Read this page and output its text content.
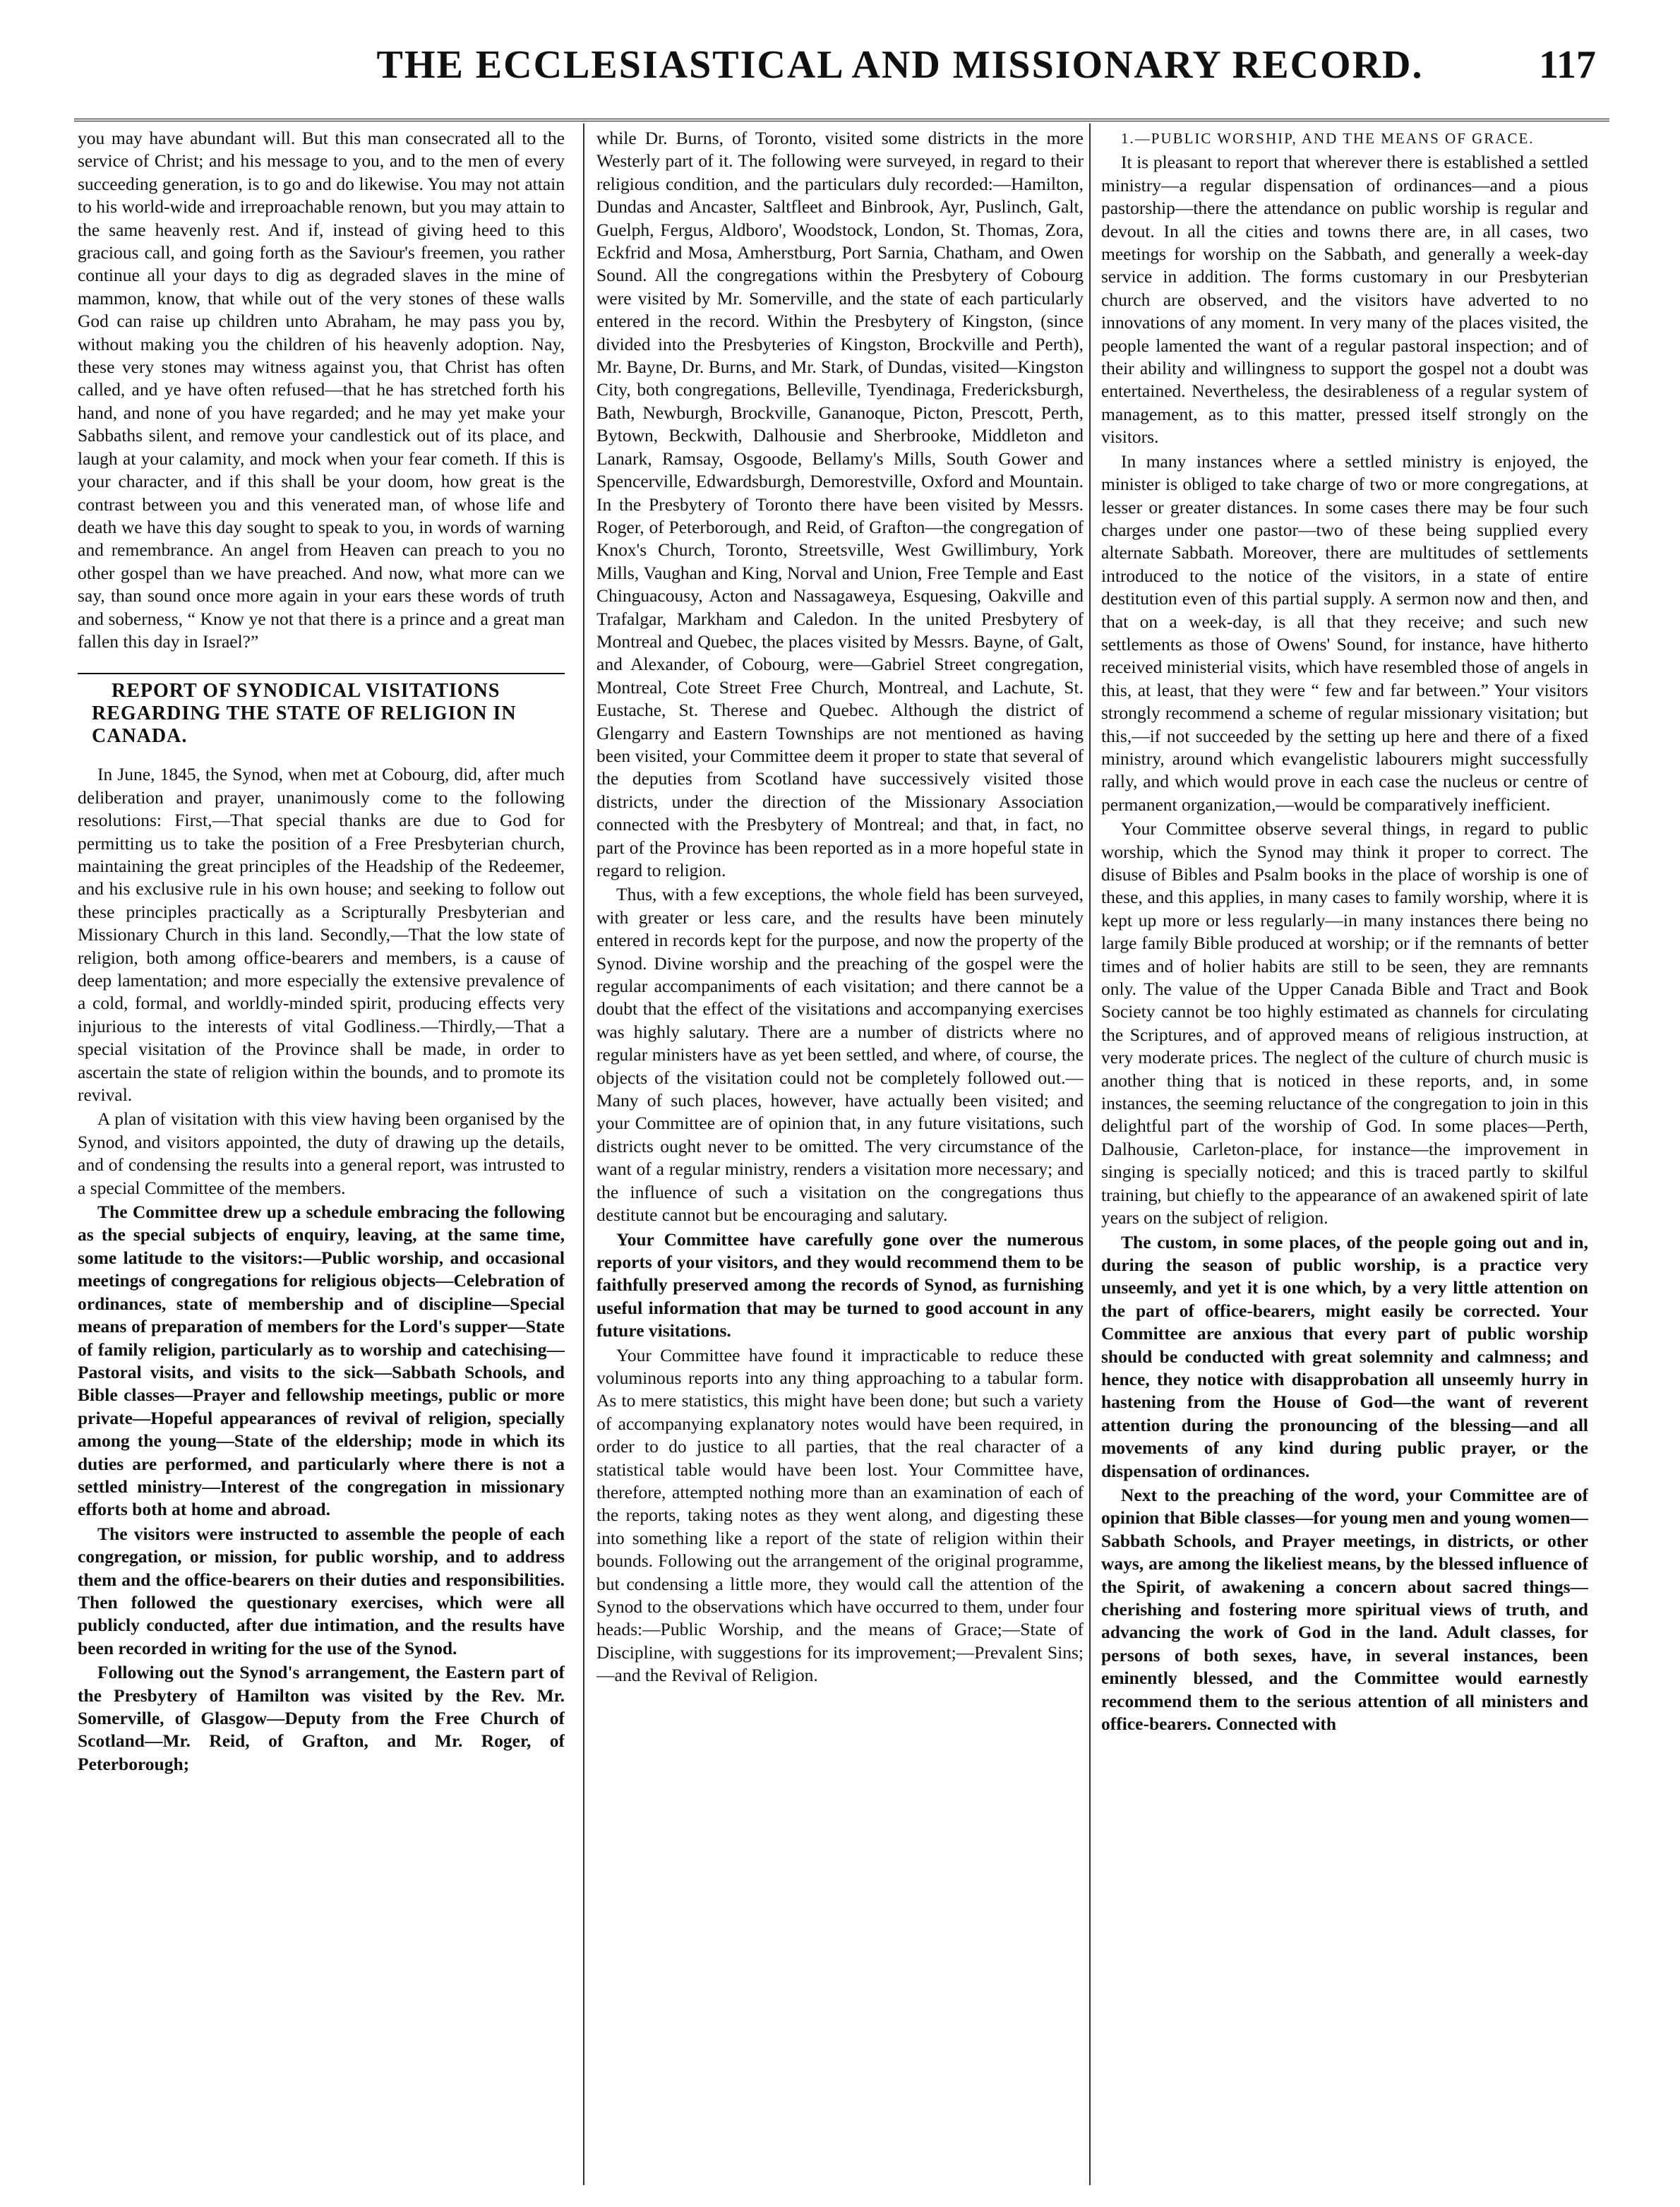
THE ECCLESIASTICAL AND MISSIONARY RECORD.	117

you may have abundant will. But this man consecrated all to the service of Christ; and his message to you, and to the men of every succeeding generation, is to go and do likewise. You may not attain to his world-wide and irreproachable renown, but you may attain to the same heavenly rest. And if, instead of giving heed to this gracious call, and going forth as the Saviour's freemen, you rather continue all your days to dig as degraded slaves in the mine of mammon, know, that while out of the very stones of these walls God can raise up children unto Abraham, he may pass you by, without making you the children of his heavenly adoption. Nay, these very stones may witness against you, that Christ has often called, and ye have often refused—that he has stretched forth his hand, and none of you have regarded; and he may yet make your Sabbaths silent, and remove your candlestick out of its place, and laugh at your calamity, and mock when your fear cometh. If this is your character, and if this shall be your doom, how great is the contrast between you and this venerated man, of whose life and death we have this day sought to speak to you, in words of warning and remembrance. An angel from Heaven can preach to you no other gospel than we have preached. And now, what more can we say, than sound once more again in your ears these words of truth and soberness, “ Know ye not that there is a prince and a great man fallen this day in Israel?”

REPORT OF SYNODICAL VISITATIONS REGARDING THE STATE OF RELIGION IN CANADA.

In June, 1845, the Synod, when met at Cobourg, did, after much deliberation and prayer, unanimously come to the following resolutions: First,—That special thanks are due to God for permitting us to take the position of a Free Presbyterian church, maintaining the great principles of the Headship of the Redeemer, and his exclusive rule in his own house; and seeking to follow out these principles practically as a Scripturally Presbyterian and Missionary Church in this land. Secondly,—That the low state of religion, both among office-bearers and members, is a cause of deep lamentation; and more especially the extensive prevalence of a cold, formal, and worldly-minded spirit, producing effects very injurious to the interests of vital Godliness.—Thirdly,—That a special visitation of the Province shall be made, in order to ascertain the state of religion within the bounds, and to promote its revival.

A plan of visitation with this view having been organised by the Synod, and visitors appointed, the duty of drawing up the details, and of condensing the results into a general report, was intrusted to a special Committee of the members.

The Committee drew up a schedule embracing the following as the special subjects of enquiry, leaving, at the same time, some latitude to the visitors:—Public worship, and occasional meetings of congregations for religious objects—Celebration of ordinances, state of membership and of discipline—Special means of preparation of members for the Lord's supper—State of family religion, particularly as to worship and catechising—Pastoral visits, and visits to the sick—Sabbath Schools, and Bible classes—Prayer and fellowship meetings, public or more private—Hopeful appearances of revival of religion, specially among the young—State of the eldership; mode in which its duties are performed, and particularly where there is not a settled ministry—Interest of the congregation in missionary efforts both at home and abroad.

The visitors were instructed to assemble the people of each congregation, or mission, for public worship, and to address them and the office-bearers on their duties and responsibilities. Then followed the questionary exercises, which were all publicly conducted, after due intimation, and the results have been recorded in writing for the use of the Synod.

Following out the Synod's arrangement, the Eastern part of the Presbytery of Hamilton was visited by the Rev. Mr. Somerville, of Glasgow—Deputy from the Free Church of Scotland—Mr. Reid, of Grafton, and Mr. Roger, of Peterborough;

while Dr. Burns, of Toronto, visited some districts in the more Westerly part of it. The following were surveyed, in regard to their religious condition, and the particulars duly recorded:—Hamilton, Dundas and Ancaster, Saltfleet and Binbrook, Ayr, Puslinch, Galt, Guelph, Fergus, Aldboro', Woodstock, London, St. Thomas, Zora, Eckfrid and Mosa, Amherstburg, Port Sarnia, Chatham, and Owen Sound. All the congregations within the Presbytery of Cobourg were visited by Mr. Somerville, and the state of each particularly entered in the record. Within the Presbytery of Kingston, (since divided into the Presbyteries of Kingston, Brockville and Perth), Mr. Bayne, Dr. Burns, and Mr. Stark, of Dundas, visited—Kingston City, both congregations, Belleville, Tyendinaga, Fredericksburgh, Bath, Newburgh, Brockville, Gananoque, Picton, Prescott, Perth, Bytown, Beckwith, Dalhousie and Sherbrooke, Middleton and Lanark, Ramsay, Osgoode, Bellamy's Mills, South Gower and Spencerville, Edwardsburgh, Demorestville, Oxford and Mountain. In the Presbytery of Toronto there have been visited by Messrs. Roger, of Peterborough, and Reid, of Grafton—the congregation of Knox's Church, Toronto, Streetsville, West Gwillimbury, York Mills, Vaughan and King, Norval and Union, Free Temple and East Chinguacousy, Acton and Nassagaweya, Esquesing, Oakville and Trafalgar, Markham and Caledon. In the united Presbytery of Montreal and Quebec, the places visited by Messrs. Bayne, of Galt, and Alexander, of Cobourg, were—Gabriel Street congregation, Montreal, Cote Street Free Church, Montreal, and Lachute, St. Eustache, St. Therese and Quebec. Although the district of Glengarry and Eastern Townships are not mentioned as having been visited, your Committee deem it proper to state that several of the deputies from Scotland have successively visited those districts, under the direction of the Missionary Association connected with the Presbytery of Montreal; and that, in fact, no part of the Province has been reported as in a more hopeful state in regard to religion.

Thus, with a few exceptions, the whole field has been surveyed, with greater or less care, and the results have been minutely entered in records kept for the purpose, and now the property of the Synod. Divine worship and the preaching of the gospel were the regular accompaniments of each visitation; and there cannot be a doubt that the effect of the visitations and accompanying exercises was highly salutary. There are a number of districts where no regular ministers have as yet been settled, and where, of course, the objects of the visitation could not be completely followed out.—Many of such places, however, have actually been visited; and your Committee are of opinion that, in any future visitations, such districts ought never to be omitted. The very circumstance of the want of a regular ministry, renders a visitation more necessary; and the influence of such a visitation on the congregations thus destitute cannot but be encouraging and salutary.

Your Committee have carefully gone over the numerous reports of your visitors, and they would recommend them to be faithfully preserved among the records of Synod, as furnishing useful information that may be turned to good account in any future visitations.

Your Committee have found it impracticable to reduce these voluminous reports into any thing approaching to a tabular form. As to mere statistics, this might have been done; but such a variety of accompanying explanatory notes would have been required, in order to do justice to all parties, that the real character of a statistical table would have been lost. Your Committee have, therefore, attempted nothing more than an examination of each of the reports, taking notes as they went along, and digesting these into something like a report of the state of religion within their bounds. Following out the arrangement of the original programme, but condensing a little more, they would call the attention of the Synod to the observations which have occurred to them, under four heads:—Public Worship, and the means of Grace;—State of Discipline, with suggestions for its improvement;—Prevalent Sins;—and the Revival of Religion.

1.—PUBLIC WORSHIP, AND THE MEANS OF GRACE.

It is pleasant to report that wherever there is established a settled ministry—a regular dispensation of ordinances—and a pious pastorship—there the attendance on public worship is regular and devout. In all the cities and towns there are, in all cases, two meetings for worship on the Sabbath, and generally a week-day service in addition. The forms customary in our Presbyterian church are observed, and the visitors have adverted to no innovations of any moment. In very many of the places visited, the people lamented the want of a regular pastoral inspection; and of their ability and willingness to support the gospel not a doubt was entertained. Nevertheless, the desirableness of a regular system of management, as to this matter, pressed itself strongly on the visitors.

In many instances where a settled ministry is enjoyed, the minister is obliged to take charge of two or more congregations, at lesser or greater distances. In some cases there may be four such charges under one pastor—two of these being supplied every alternate Sabbath. Moreover, there are multitudes of settlements introduced to the notice of the visitors, in a state of entire destitution even of this partial supply. A sermon now and then, and that on a week-day, is all that they receive; and such new settlements as those of Owens' Sound, for instance, have hitherto received ministerial visits, which have resembled those of angels in this, at least, that they were “ few and far between.” Your visitors strongly recommend a scheme of regular missionary visitation; but this,—if not succeeded by the setting up here and there of a fixed ministry, around which evangelistic labourers might successfully rally, and which would prove in each case the nucleus or centre of permanent organization,—would be comparatively inefficient.

Your Committee observe several things, in regard to public worship, which the Synod may think it proper to correct. The disuse of Bibles and Psalm books in the place of worship is one of these, and this applies, in many cases to family worship, where it is kept up more or less regularly—in many instances there being no large family Bible produced at worship; or if the remnants of better times and of holier habits are still to be seen, they are remnants only. The value of the Upper Canada Bible and Tract and Book Society cannot be too highly estimated as channels for circulating the Scriptures, and of approved means of religious instruction, at very moderate prices. The neglect of the culture of church music is another thing that is noticed in these reports, and, in some instances, the seeming reluctance of the congregation to join in this delightful part of the worship of God. In some places—Perth, Dalhousie, Carleton-place, for instance—the improvement in singing is specially noticed; and this is traced partly to skilful training, but chiefly to the appearance of an awakened spirit of late years on the subject of religion.

The custom, in some places, of the people going out and in, during the season of public worship, is a practice very unseemly, and yet it is one which, by a very little attention on the part of office-bearers, might easily be corrected. Your Committee are anxious that every part of public worship should be conducted with great solemnity and calmness; and hence, they notice with disapprobation all unseemly hurry in hastening from the House of God—the want of reverent attention during the pronouncing of the blessing—and all movements of any kind during public prayer, or the dispensation of ordinances.

Next to the preaching of the word, your Committee are of opinion that Bible classes—for young men and young women—Sabbath Schools, and Prayer meetings, in districts, or other ways, are among the likeliest means, by the blessed influence of the Spirit, of awakening a concern about sacred things—cherishing and fostering more spiritual views of truth, and advancing the work of God in the land. Adult classes, for persons of both sexes, have, in several instances, been eminently blessed, and the Committee would earnestly recommend them to the serious attention of all ministers and office-bearers. Connected with
